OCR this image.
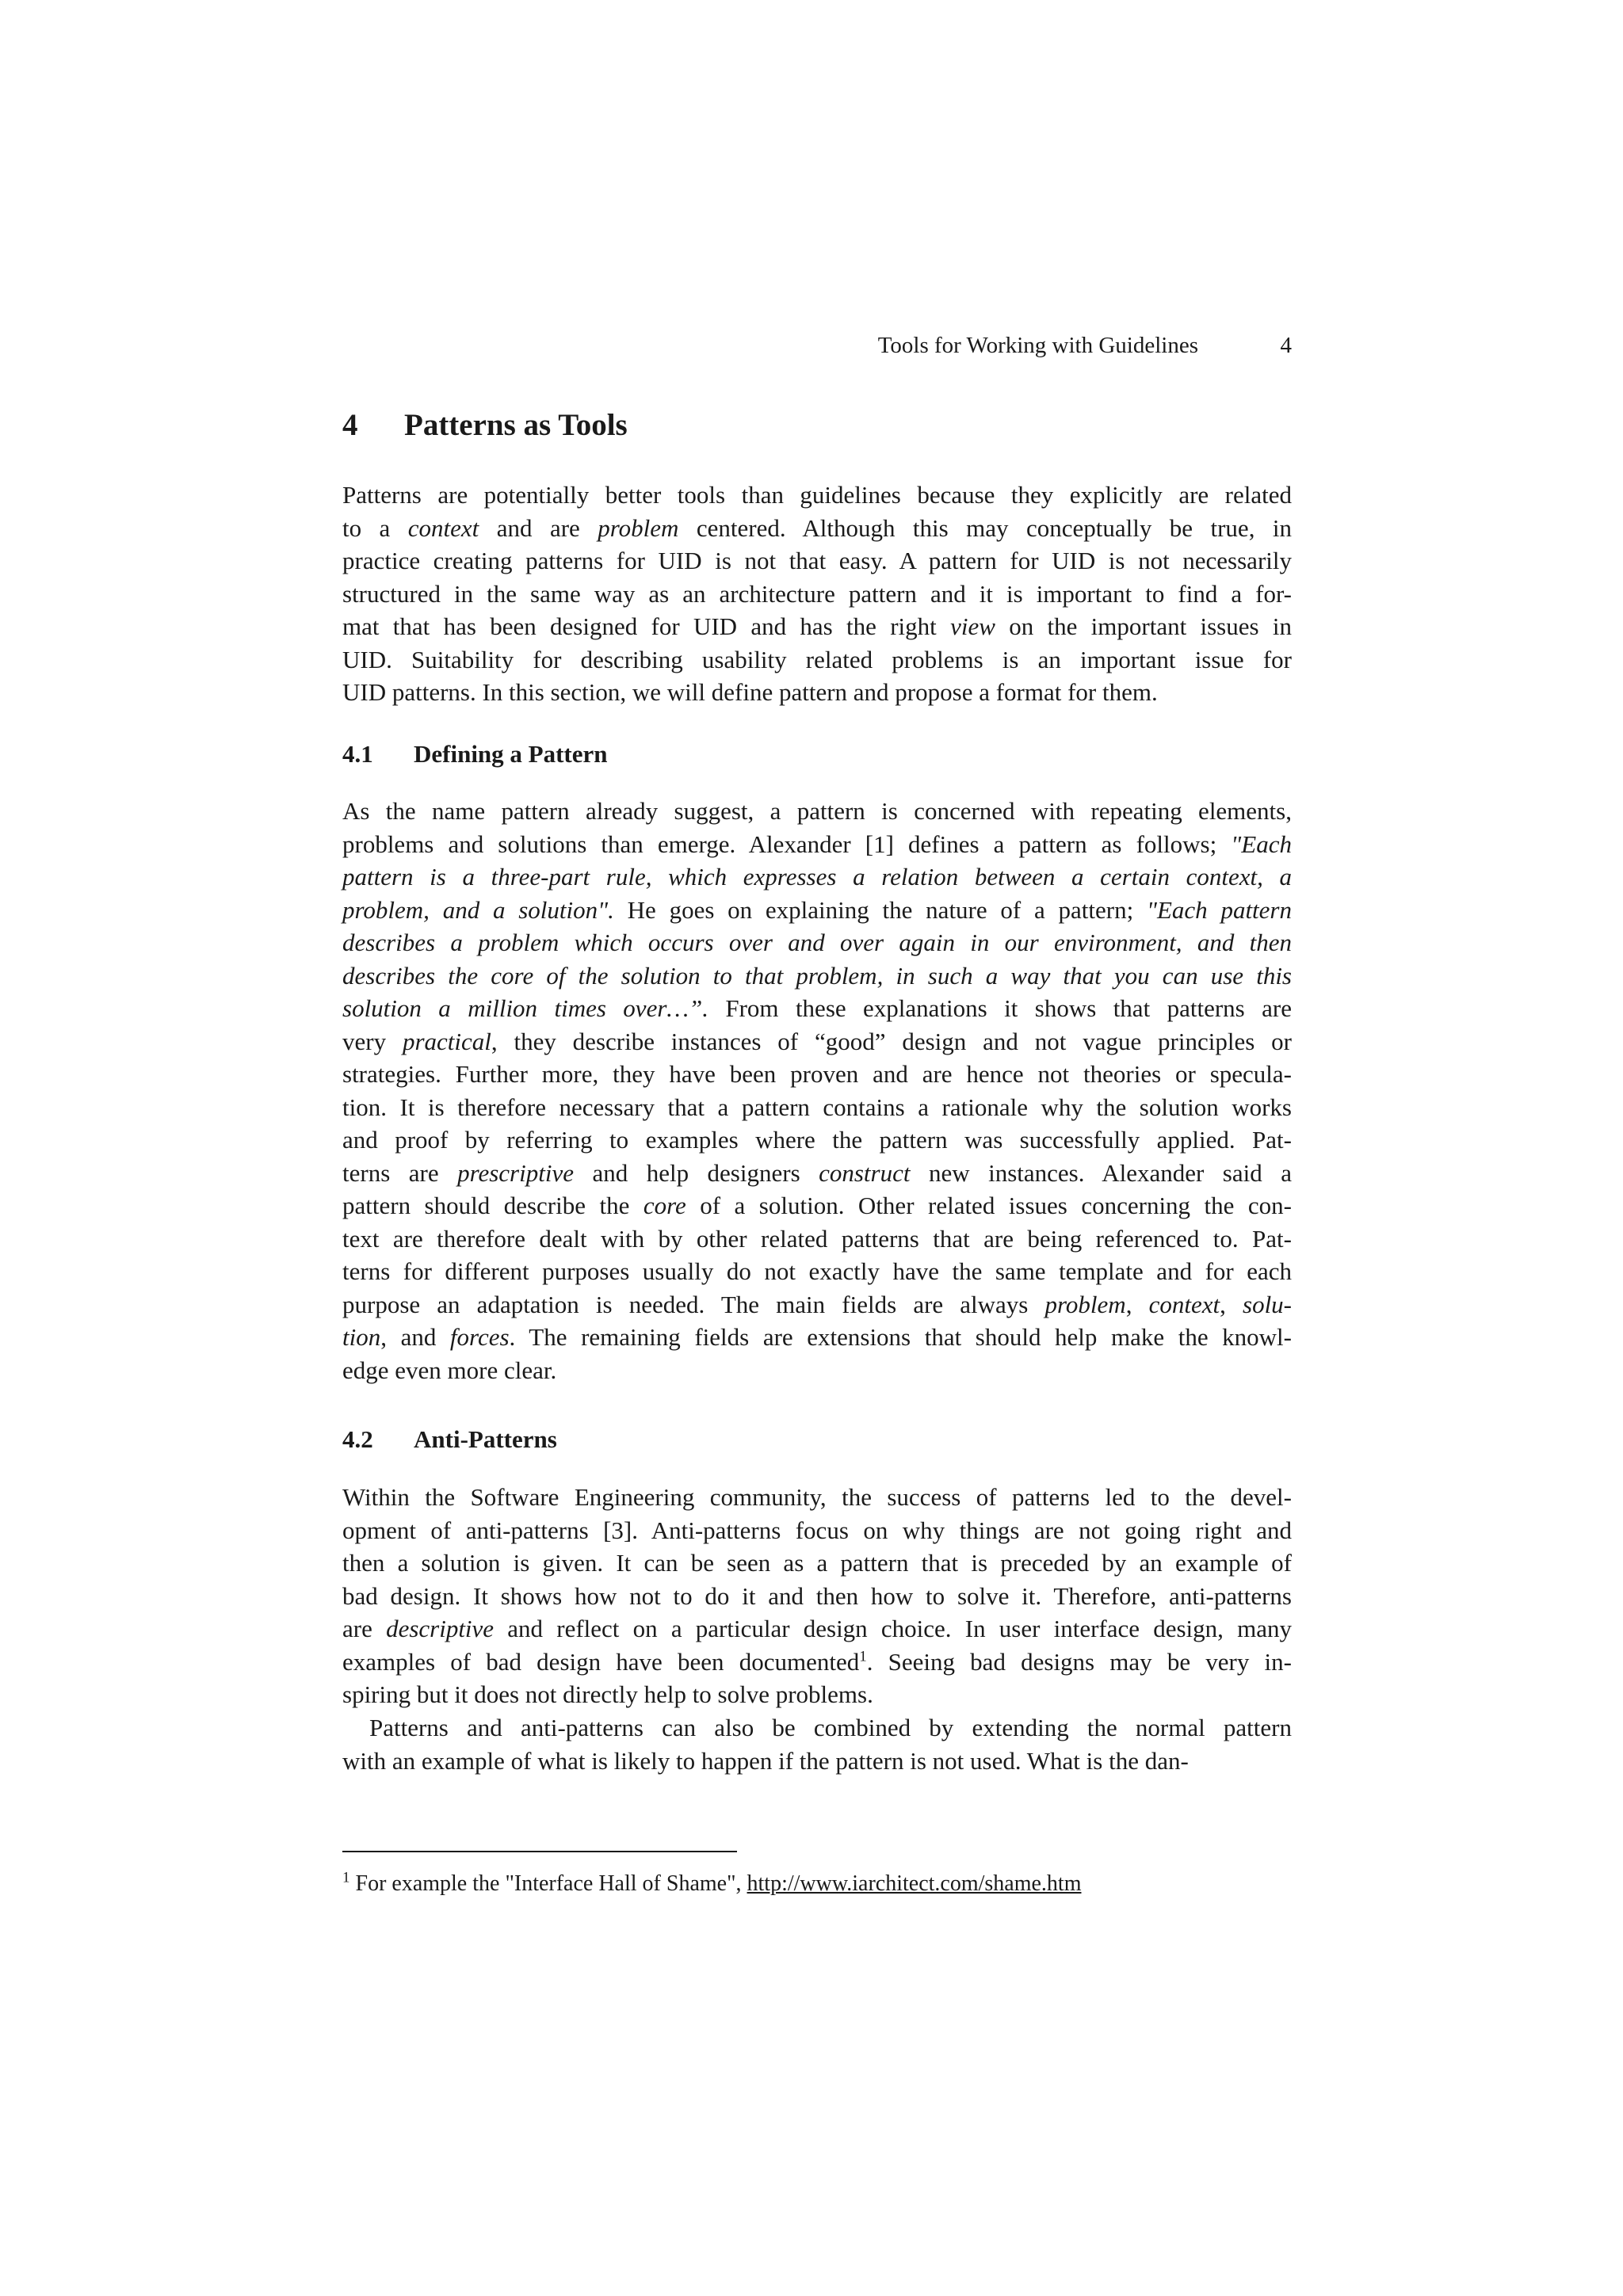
Tools for Working with Guidelines	4
4 Patterns as Tools
Patterns are potentially better tools than guidelines because they explicitly are related
to a context and are problem centered. Although this may conceptually be true, in
practice creating patterns for UID is not that easy. A pattern for UID is not necessarily
structured in the same way as an architecture pattern and it is important to find a for-
mat that has been designed for UID and has the right view on the important issues in
UID. Suitability for describing usability related problems is an important issue for
UID patterns. In this section, we will define pattern and propose a format for them.
4.1 Defining a Pattern
As the name pattern already suggest, a pattern is concerned with repeating elements,
problems and solutions than emerge. Alexander [1] defines a pattern as follows; "Each
pattern is a three-part rule, which expresses a relation between a certain context, a
problem, and a solution". He goes on explaining the nature of a pattern; "Each pattern
describes a problem which occurs over and over again in our environment, and then
describes the core of the solution to that problem, in such a way that you can use this
solution a million times over…”. From these explanations it shows that patterns are
very practical, they describe instances of “good” design and not vague principles or
strategies. Further more, they have been proven and are hence not theories or specula-
tion. It is therefore necessary that a pattern contains a rationale why the solution works
and proof by referring to examples where the pattern was successfully applied. Pat-
terns are prescriptive and help designers construct new instances. Alexander said a
pattern should describe the core of a solution. Other related issues concerning the con-
text are therefore dealt with by other related patterns that are being referenced to. Pat-
terns for different purposes usually do not exactly have the same template and for each
purpose an adaptation is needed. The main fields are always problem, context, solu-
tion, and forces. The remaining fields are extensions that should help make the knowl-
edge even more clear.
4.2 Anti-Patterns
Within the Software Engineering community, the success of patterns led to the devel-
opment of anti-patterns [3]. Anti-patterns focus on why things are not going right and
then a solution is given. It can be seen as a pattern that is preceded by an example of
bad design. It shows how not to do it and then how to solve it. Therefore, anti-patterns
are descriptive and reflect on a particular design choice. In user interface design, many
examples of bad design have been documented$^1$. Seeing bad designs may be very in-
spiring but it does not directly help to solve problems.
Patterns and anti-patterns can also be combined by extending the normal pattern
with an example of what is likely to happen if the pattern is not used. What is the dan-

$^1$ For example the "Interface Hall of Shame", http://www.iarchitect.com/shame.htm
